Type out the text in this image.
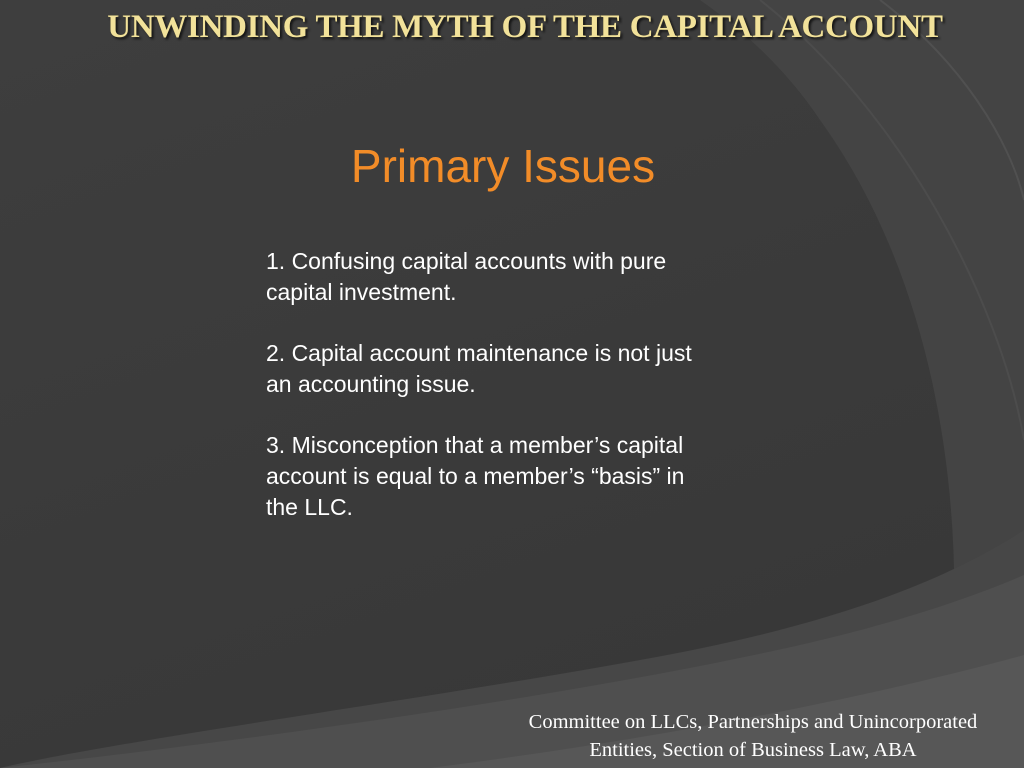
UNWINDING THE MYTH OF THE CAPITAL ACCOUNT
Primary Issues
1. Confusing capital accounts with pure
capital investment.
2. Capital account maintenance is not just
an accounting issue.
3. Misconception that a member’s capital
account is equal to a member’s “basis” in
the LLC.
Committee on LLCs, Partnerships and Unincorporated
Entities, Section of Business Law, ABA
